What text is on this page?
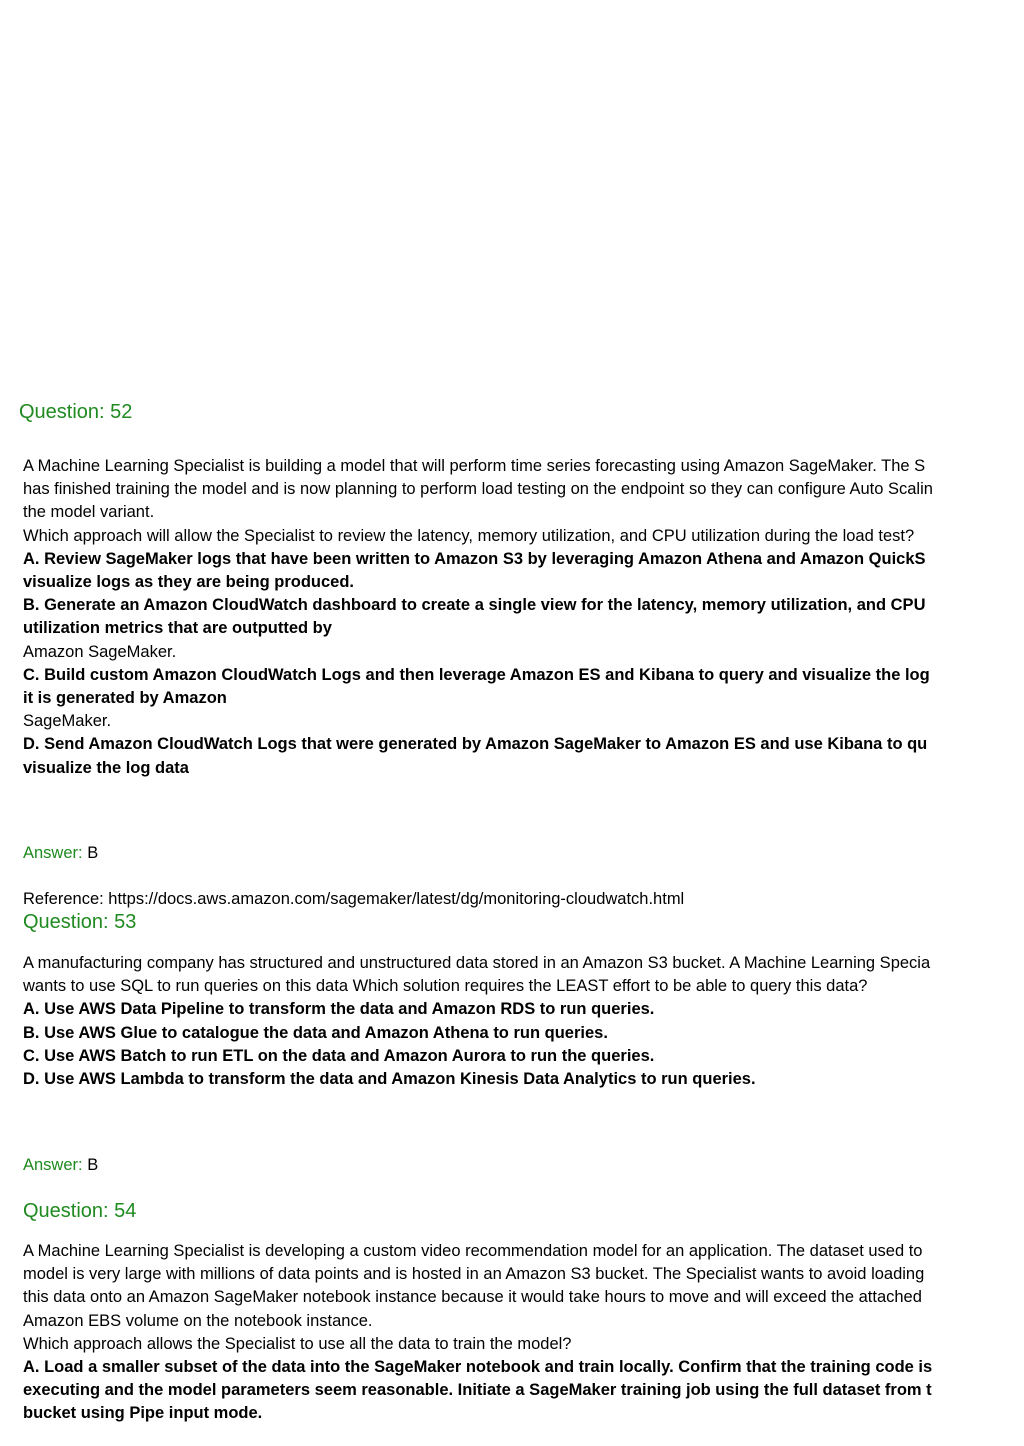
Question: 52
A Machine Learning Specialist is building a model that will perform time series forecasting using Amazon SageMaker. The S
has finished training the model and is now planning to perform load testing on the endpoint so they can configure Auto Scalin
the model variant.
Which approach will allow the Specialist to review the latency, memory utilization, and CPU utilization during the load test?
A. Review SageMaker logs that have been written to Amazon S3 by leveraging Amazon Athena and Amazon QuickS
visualize logs as they are being produced.
B. Generate an Amazon CloudWatch dashboard to create a single view for the latency, memory utilization, and CPU
utilization metrics that are outputted by
Amazon SageMaker.
C. Build custom Amazon CloudWatch Logs and then leverage Amazon ES and Kibana to query and visualize the log
it is generated by Amazon
SageMaker.
D. Send Amazon CloudWatch Logs that were generated by Amazon SageMaker to Amazon ES and use Kibana to qu
visualize the log data
Answer: B
Reference: https://docs.aws.amazon.com/sagemaker/latest/dg/monitoring-cloudwatch.html
Question: 53
A manufacturing company has structured and unstructured data stored in an Amazon S3 bucket. A Machine Learning Specia
wants to use SQL to run queries on this data Which solution requires the LEAST effort to be able to query this data?
A. Use AWS Data Pipeline to transform the data and Amazon RDS to run queries.
B. Use AWS Glue to catalogue the data and Amazon Athena to run queries.
C. Use AWS Batch to run ETL on the data and Amazon Aurora to run the queries.
D. Use AWS Lambda to transform the data and Amazon Kinesis Data Analytics to run queries.
Answer: B
Question: 54
A Machine Learning Specialist is developing a custom video recommendation model for an application. The dataset used to
model is very large with millions of data points and is hosted in an Amazon S3 bucket. The Specialist wants to avoid loading
this data onto an Amazon SageMaker notebook instance because it would take hours to move and will exceed the attached
Amazon EBS volume on the notebook instance.
Which approach allows the Specialist to use all the data to train the model?
A. Load a smaller subset of the data into the SageMaker notebook and train locally. Confirm that the training code is
executing and the model parameters seem reasonable. Initiate a SageMaker training job using the full dataset from t
bucket using Pipe input mode.
